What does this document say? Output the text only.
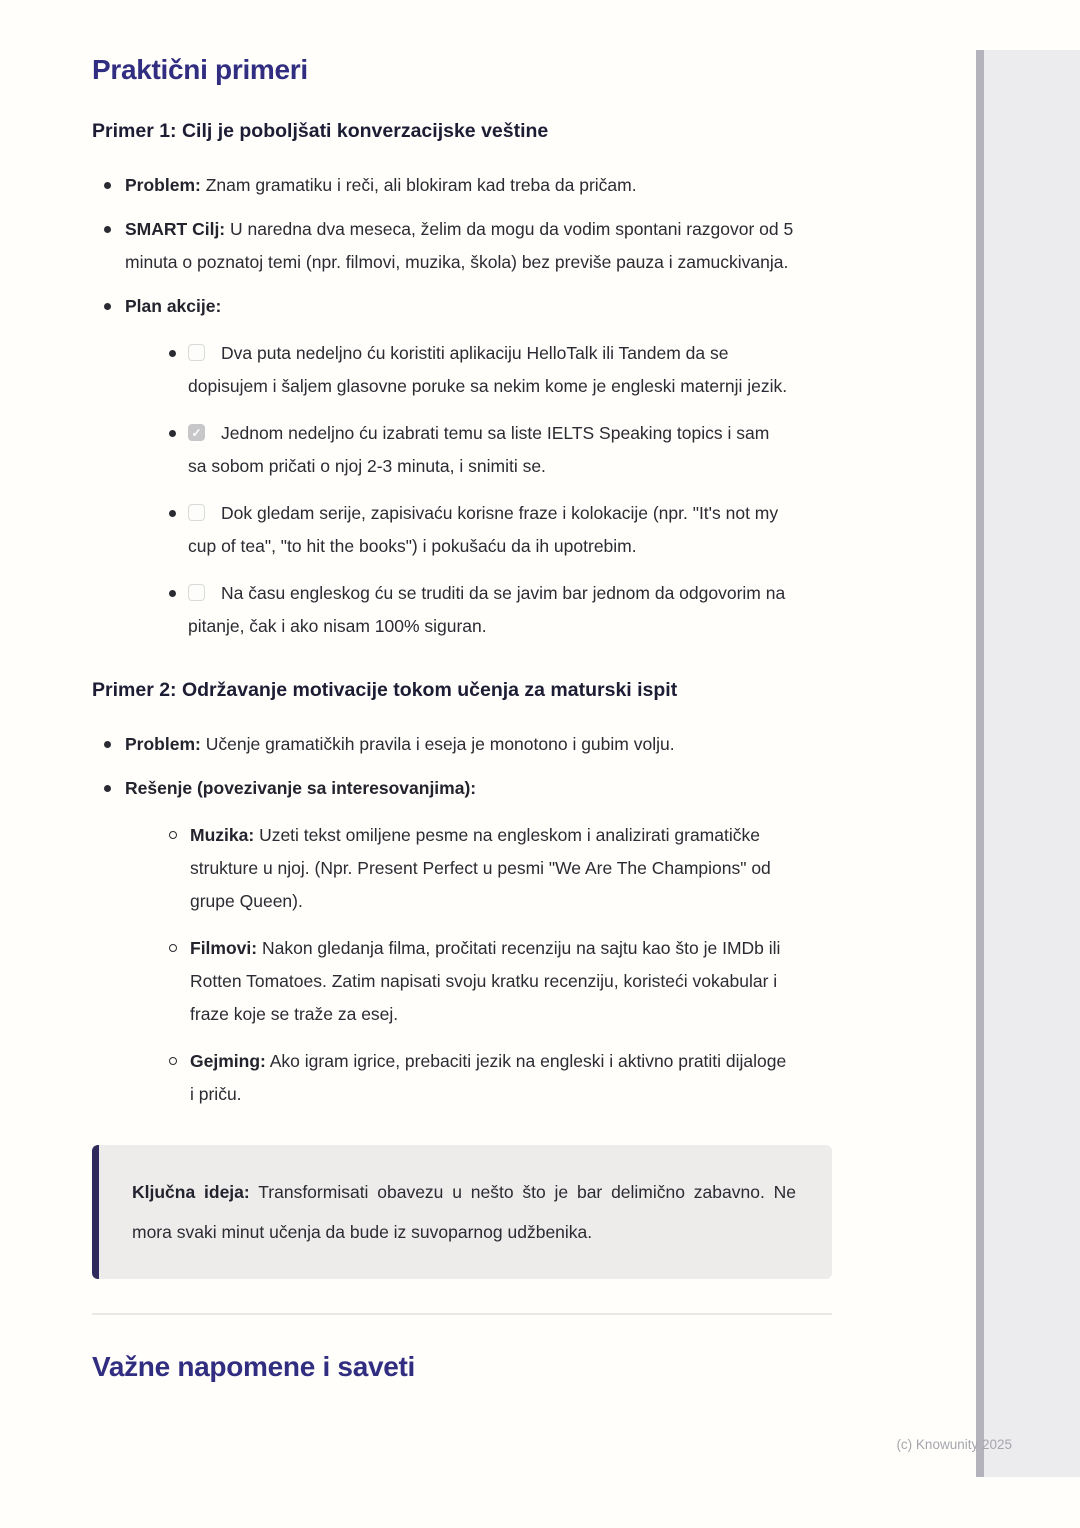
Praktični primeri
Primer 1: Cilj je poboljšati konverzacijske veštine
Problem: Znam gramatiku i reči, ali blokiram kad treba da pričam.
SMART Cilj: U naredna dva meseca, želim da mogu da vodim spontani razgovor od 5 minuta o poznatoj temi (npr. filmovi, muzika, škola) bez previše pauza i zamuckivanja.
Plan akcije:
Dva puta nedeljno ću koristiti aplikaciju HelloTalk ili Tandem da se dopisujem i šaljem glasovne poruke sa nekim kome je engleski maternji jezik.
✓Jednom nedeljno ću izabrati temu sa liste IELTS Speaking topics i sam sa sobom pričati o njoj 2-3 minuta, i snimiti se.
Dok gledam serije, zapisivaću korisne fraze i kolokacije (npr. "It's not my cup of tea", "to hit the books") i pokušaću da ih upotrebim.
Na času engleskog ću se truditi da se javim bar jednom da odgovorim na pitanje, čak i ako nisam 100% siguran.
Primer 2: Održavanje motivacije tokom učenja za maturski ispit
Problem: Učenje gramatičkih pravila i eseja je monotono i gubim volju.
Rešenje (povezivanje sa interesovanjima):
Muzika: Uzeti tekst omiljene pesme na engleskom i analizirati gramatičke strukture u njoj. (Npr. Present Perfect u pesmi "We Are The Champions" od grupe Queen).
Filmovi: Nakon gledanja filma, pročitati recenziju na sajtu kao što je IMDb ili Rotten Tomatoes. Zatim napisati svoju kratku recenziju, koristeći vokabular i fraze koje se traže za esej.
Gejming: Ako igram igrice, prebaciti jezik na engleski i aktivno pratiti dijaloge i priču.
Ključna ideja: Transformisati obavezu u nešto što je bar delimično zabavno. Ne mora svaki minut učenja da bude iz suvoparnog udžbenika.
Važne napomene i saveti
(c) Knowunity 2025
